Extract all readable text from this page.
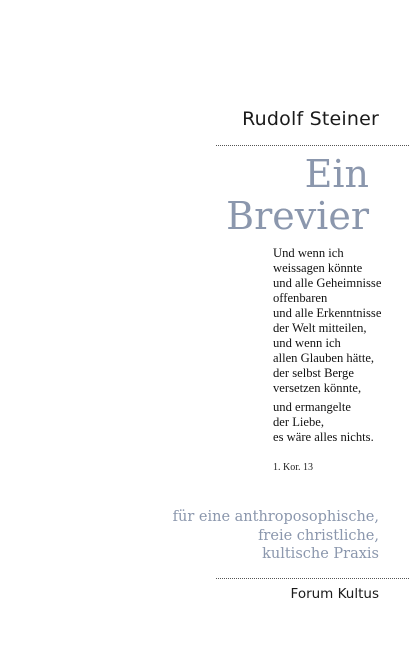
Rudolf Steiner
Ein
Brevier
Und wenn ich
weissagen könnte
und alle Geheimnisse
offenbaren
und alle Erkenntnisse
der Welt mitteilen,
und wenn ich
allen Glauben hätte,
der selbst Berge
versetzen könnte,
und ermangelte
der Liebe,
es wäre alles nichts.
1. Kor. 13
für eine anthroposophische,
freie christliche,
kultische Praxis
Forum Kultus
